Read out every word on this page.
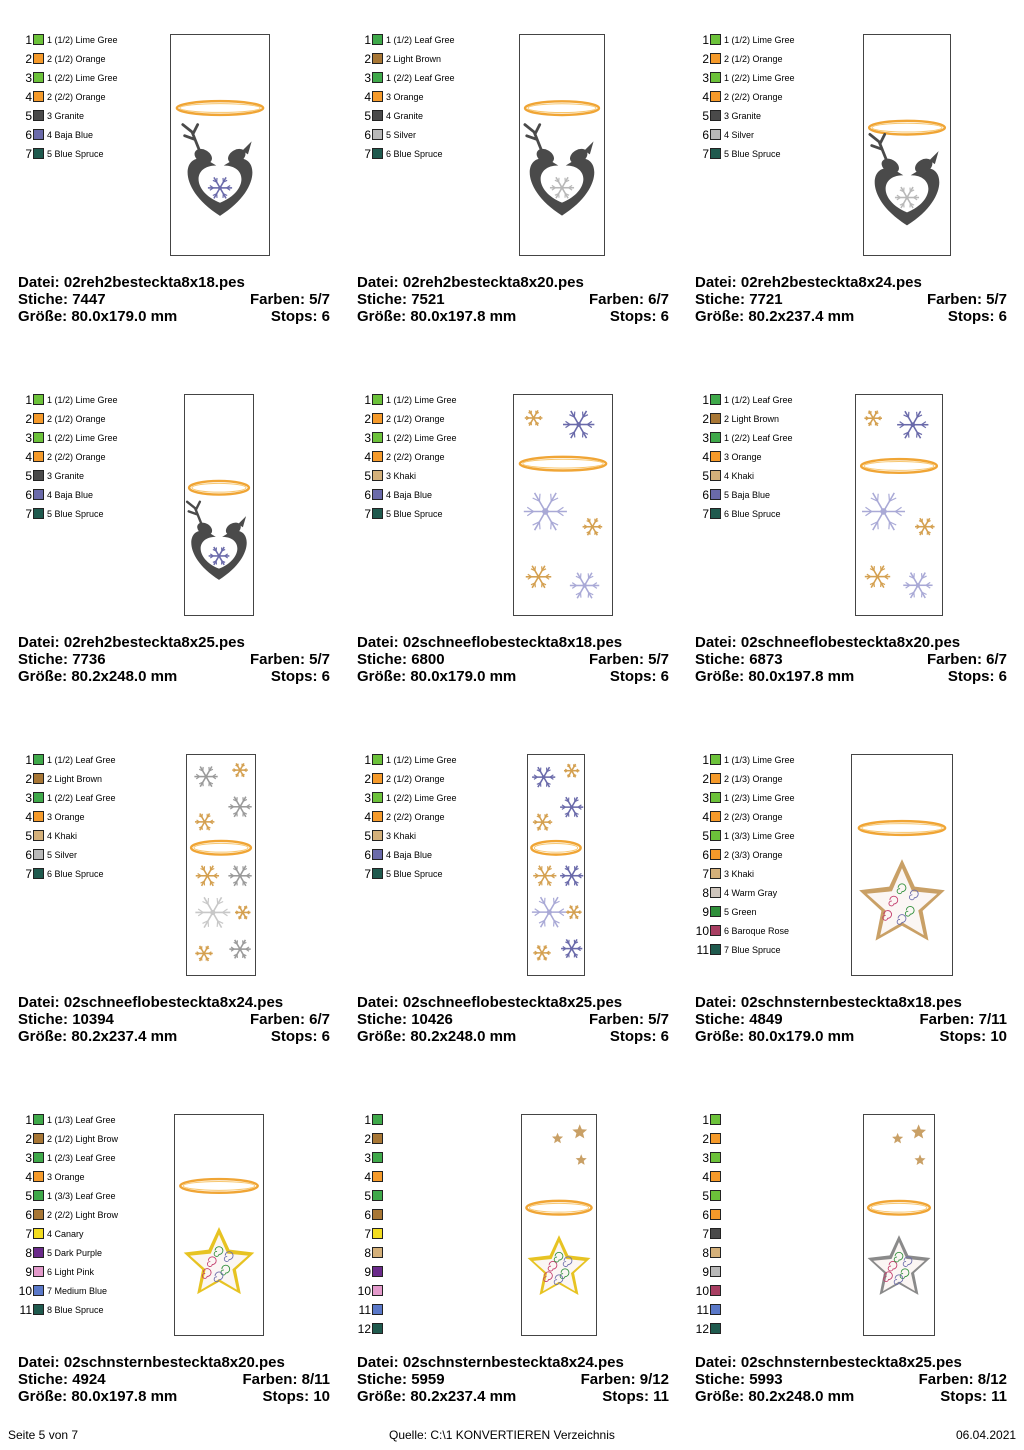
1 1 (1/2) Lime Gree
2 2 (1/2) Orange
3 1 (2/2) Lime Gree
4 2 (2/2) Orange
5 3 Granite
6 4 Baja Blue
7 5 Blue Spruce
Datei: 02reh2besteckta8x18.pes
Stiche: 7447	Farben: 5/7
Größe: 80.0x179.0 mm	Stops: 6
1 1 (1/2) Leaf Gree
2 2 Light Brown
3 1 (2/2) Leaf Gree
4 3 Orange
5 4 Granite
6 5 Silver
7 6 Blue Spruce
Datei: 02reh2besteckta8x20.pes
Stiche: 7521	Farben: 6/7
Größe: 80.0x197.8 mm	Stops: 6
1 1 (1/2) Lime Gree
2 2 (1/2) Orange
3 1 (2/2) Lime Gree
4 2 (2/2) Orange
5 3 Granite
6 4 Silver
7 5 Blue Spruce
Datei: 02reh2besteckta8x24.pes
Stiche: 7721	Farben: 5/7
Größe: 80.2x237.4 mm	Stops: 6
1 1 (1/2) Lime Gree
2 2 (1/2) Orange
3 1 (2/2) Lime Gree
4 2 (2/2) Orange
5 3 Granite
6 4 Baja Blue
7 5 Blue Spruce
Datei: 02reh2besteckta8x25.pes
Stiche: 7736	Farben: 5/7
Größe: 80.2x248.0 mm	Stops: 6
1 1 (1/2) Lime Gree
2 2 (1/2) Orange
3 1 (2/2) Lime Gree
4 2 (2/2) Orange
5 3 Khaki
6 4 Baja Blue
7 5 Blue Spruce
Datei: 02schneeflobesteckta8x18.pes
Stiche: 6800	Farben: 5/7
Größe: 80.0x179.0 mm	Stops: 6
1 1 (1/2) Leaf Gree
2 2 Light Brown
3 1 (2/2) Leaf Gree
4 3 Orange
5 4 Khaki
6 5 Baja Blue
7 6 Blue Spruce
Datei: 02schneeflobesteckta8x20.pes
Stiche: 6873	Farben: 6/7
Größe: 80.0x197.8 mm	Stops: 6
1 1 (1/2) Leaf Gree
2 2 Light Brown
3 1 (2/2) Leaf Gree
4 3 Orange
5 4 Khaki
6 5 Silver
7 6 Blue Spruce
Datei: 02schneeflobesteckta8x24.pes
Stiche: 10394	Farben: 6/7
Größe: 80.2x237.4 mm	Stops: 6
1 1 (1/2) Lime Gree
2 2 (1/2) Orange
3 1 (2/2) Lime Gree
4 2 (2/2) Orange
5 3 Khaki
6 4 Baja Blue
7 5 Blue Spruce
Datei: 02schneeflobesteckta8x25.pes
Stiche: 10426	Farben: 5/7
Größe: 80.2x248.0 mm	Stops: 6
1 1 (1/3) Lime Gree
2 2 (1/3) Orange
3 1 (2/3) Lime Gree
4 2 (2/3) Orange
5 1 (3/3) Lime Gree
6 2 (3/3) Orange
7 3 Khaki
8 4 Warm Gray
9 5 Green
10 6 Baroque Rose
11 7 Blue Spruce
Datei: 02schnsternbesteckta8x18.pes
Stiche: 4849	Farben: 7/11
Größe: 80.0x179.0 mm	Stops: 10
1 1 (1/3) Leaf Gree
2 2 (1/2) Light Brow
3 1 (2/3) Leaf Gree
4 3 Orange
5 1 (3/3) Leaf Gree
6 2 (2/2) Light Brow
7 4 Canary
8 5 Dark Purple
9 6 Light Pink
10 7 Medium Blue
11 8 Blue Spruce
Datei: 02schnsternbesteckta8x20.pes
Stiche: 4924	Farben: 8/11
Größe: 80.0x197.8 mm	Stops: 10
1
2
3
4
5
6
7
8
9
10
11
12
Datei: 02schnsternbesteckta8x24.pes
Stiche: 5959	Farben: 9/12
Größe: 80.2x237.4 mm	Stops: 11
1
2
3
4
5
6
7
8
9
10
11
12
Datei: 02schnsternbesteckta8x25.pes
Stiche: 5993	Farben: 8/12
Größe: 80.2x248.0 mm	Stops: 11
Seite 5 von 7	Quelle: C:\1 KONVERTIEREN Verzeichnis	06.04.2021
